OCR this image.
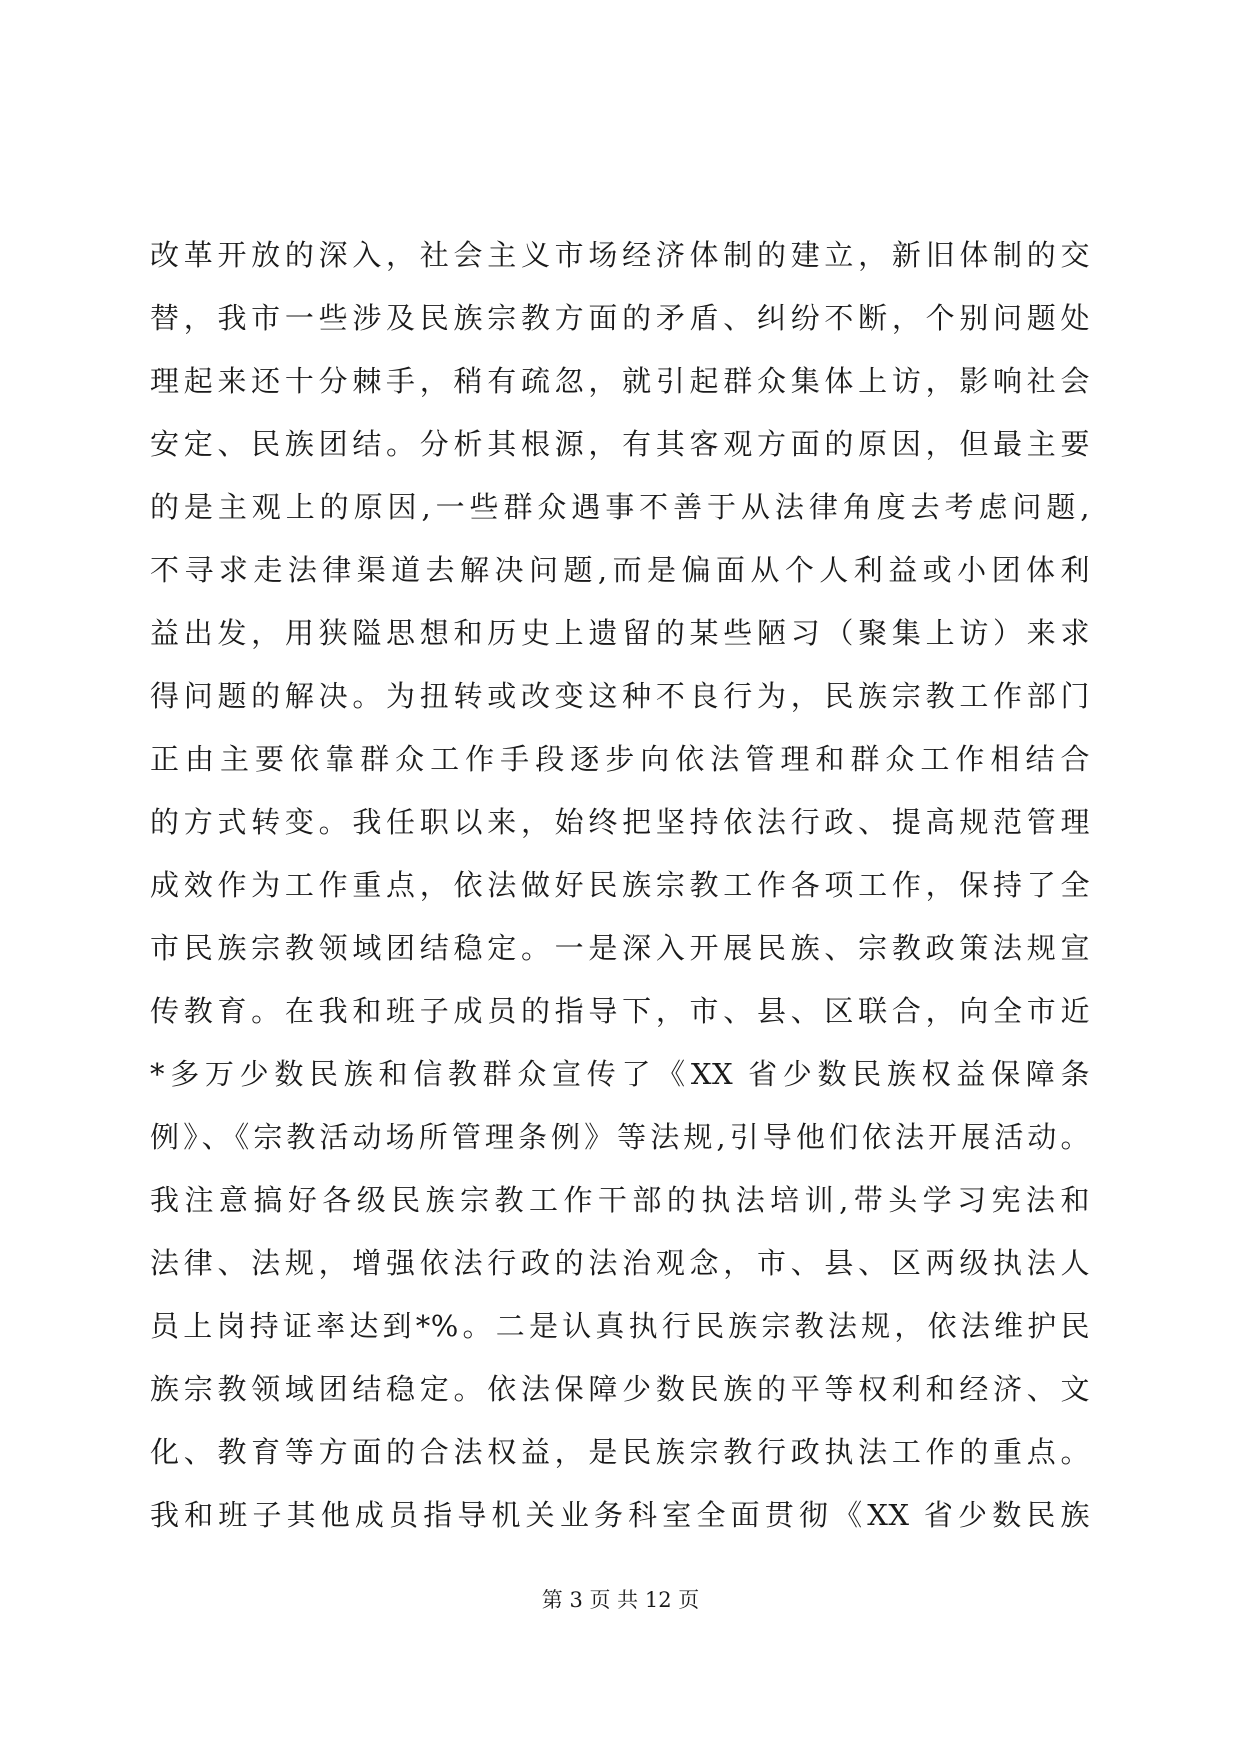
改革开放的深入，社会主义市场经济体制的建立，新旧体制的交
替，我市一些涉及民族宗教方面的矛盾、纠纷不断，个别问题处
理起来还十分棘手，稍有疏忽，就引起群众集体上访，影响社会
安定、民族团结。分析其根源，有其客观方面的原因，但最主要
的是主观上的原因,一些群众遇事不善于从法律角度去考虑问题,
不寻求走法律渠道去解决问题,而是偏面从个人利益或小团体利
益出发，用狭隘思想和历史上遗留的某些陋习（聚集上访）来求
得问题的解决。为扭转或改变这种不良行为，民族宗教工作部门
正由主要依靠群众工作手段逐步向依法管理和群众工作相结合
的方式转变。我任职以来，始终把坚持依法行政、提高规范管理
成效作为工作重点，依法做好民族宗教工作各项工作，保持了全
市民族宗教领域团结稳定。一是深入开展民族、宗教政策法规宣
传教育。在我和班子成员的指导下，市、县、区联合，向全市近
*多万少数民族和信教群众宣传了《XX 省少数民族权益保障条
例》、《宗教活动场所管理条例》等法规,引导他们依法开展活动。
我注意搞好各级民族宗教工作干部的执法培训,带头学习宪法和
法律、法规，增强依法行政的法治观念，市、县、区两级执法人
员上岗持证率达到*%。二是认真执行民族宗教法规，依法维护民
族宗教领域团结稳定。依法保障少数民族的平等权利和经济、文
化、教育等方面的合法权益，是民族宗教行政执法工作的重点。
我和班子其他成员指导机关业务科室全面贯彻《XX 省少数民族
第 3 页 共 12 页
